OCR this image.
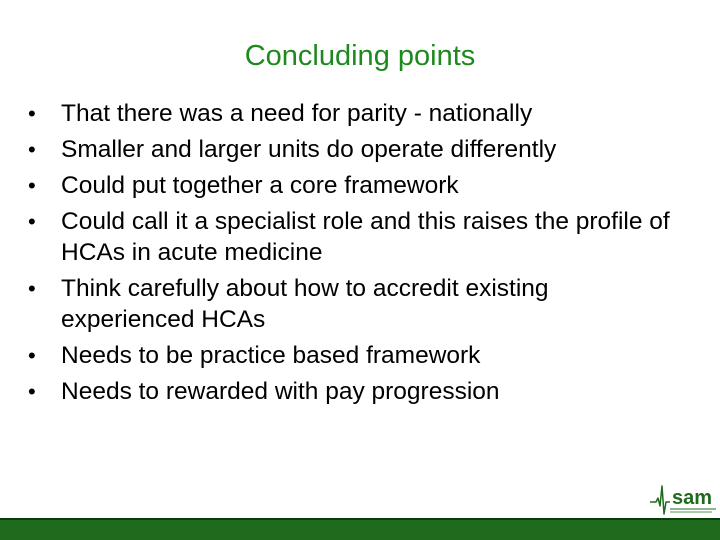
Concluding points
•	That there was a need for parity - nationally
•	Smaller and larger units do operate differently
•	Could put together a core framework
•	Could call it a specialist role and this raises the profile of HCAs in acute medicine
•	Think carefully about how to accredit existing experienced HCAs
•	Needs to be practice based framework
•	Needs to rewarded with pay progression
sam
